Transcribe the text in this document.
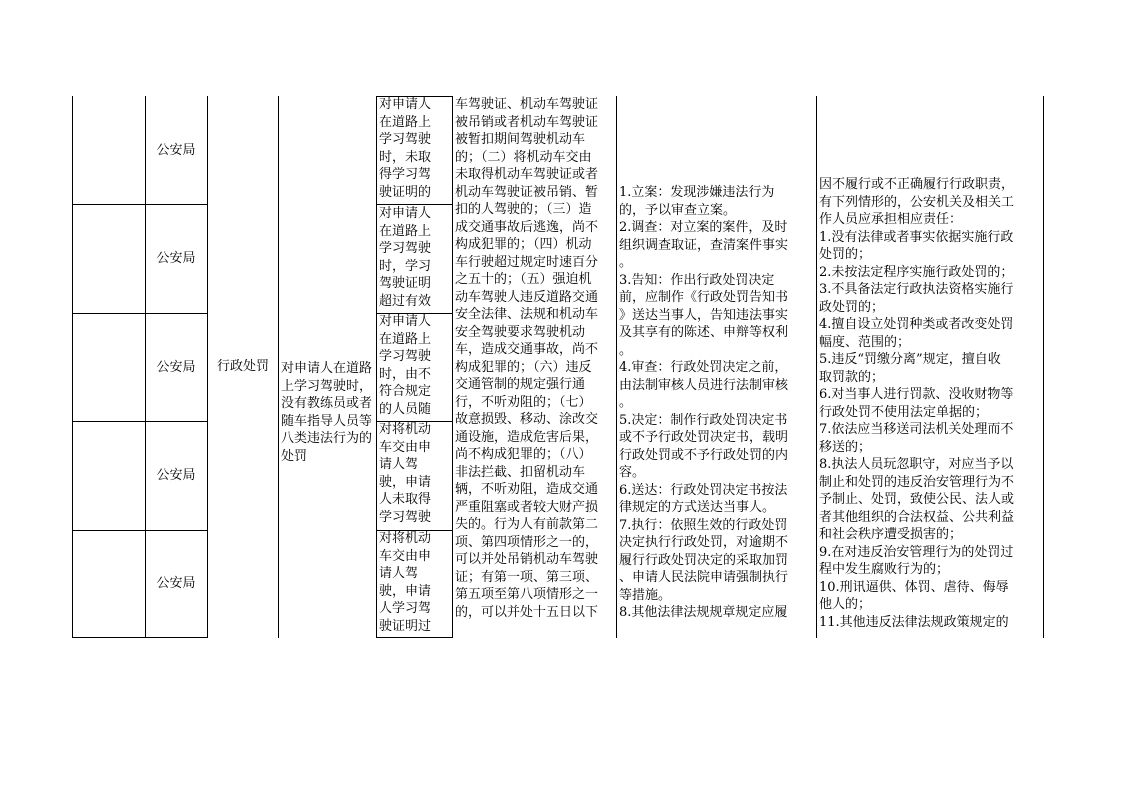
公安局
公安局
公安局
公安局
公安局
行政处罚 对申请人在道路上学习驾驶时，没有教练员或者随车指导人员等八类违法行为的处罚
对申请人
在道路上
学习驾驶
时，未取
得学习驾
驶证明的
对申请人
在道路上
学习驾驶
时，学习
驾驶证明
超过有效
对申请人
在道路上
学习驾驶
时，由不
符合规定
的人员随
对将机动
车交由申
请人驾
驶，申请
人未取得
学习驾驶
对将机动
车交由申
请人驾
驶，申请
人学习驾
驶证明过
车驾驶证、机动车驾驶证
被吊销或者机动车驾驶证
被暂扣期间驾驶机动车
的；（二）将机动车交由
未取得机动车驾驶证或者
机动车驾驶证被吊销、暂
扣的人驾驶的；（三）造
成交通事故后逃逸，尚不
构成犯罪的；（四）机动
车行驶超过规定时速百分
之五十的；（五）强迫机
动车驾驶人违反道路交通
安全法律、法规和机动车
安全驾驶要求驾驶机动
车，造成交通事故，尚不
构成犯罪的；（六）违反
交通管制的规定强行通
行，不听劝阻的；（七）
故意损毁、移动、涂改交
通设施，造成危害后果，
尚不构成犯罪的；（八）
非法拦截、扣留机动车
辆，不听劝阻，造成交通
严重阻塞或者较大财产损
失的。行为人有前款第二
项、第四项情形之一的，
可以并处吊销机动车驾驶
证；有第一项、第三项、
第五项至第八项情形之一
的，可以并处十五日以下
1.立案：发现涉嫌违法行为
的，予以审查立案。
2.调查：对立案的案件，及时
组织调查取证，查清案件事实
。
3.告知：作出行政处罚决定
前，应制作《行政处罚告知书
》送达当事人，告知违法事实
及其享有的陈述、申辩等权利
。
4.审查：行政处罚决定之前，
由法制审核人员进行法制审核
。
5.决定：制作行政处罚决定书
或不予行政处罚决定书，载明
行政处罚或不予行政处罚的内
容。
6.送达：行政处罚决定书按法
律规定的方式送达当事人。
7.执行：依照生效的行政处罚
决定执行行政处罚，对逾期不
履行行政处罚决定的采取加罚
、申请人民法院申请强制执行
等措施。
8.其他法律法规规章规定应履
因不履行或不正确履行行政职责，
有下列情形的，公安机关及相关工
作人员应承担相应责任：
1.没有法律或者事实依据实施行政
处罚的；
2.未按法定程序实施行政处罚的；
3.不具备法定行政执法资格实施行
政处罚的；
4.擅自设立处罚种类或者改变处罚
幅度、范围的；
5.违反“罚缴分离”规定，擅自收
取罚款的；
6.对当事人进行罚款、没收财物等
行政处罚不使用法定单据的；
7.依法应当移送司法机关处理而不
移送的；
8.执法人员玩忽职守，对应当予以
制止和处罚的违反治安管理行为不
予制止、处罚，致使公民、法人或
者其他组织的合法权益、公共利益
和社会秩序遭受损害的；
9.在对违反治安管理行为的处罚过
程中发生腐败行为的；
10.刑讯逼供、体罚、虐待、侮辱
他人的；
11.其他违反法律法规政策规定的
